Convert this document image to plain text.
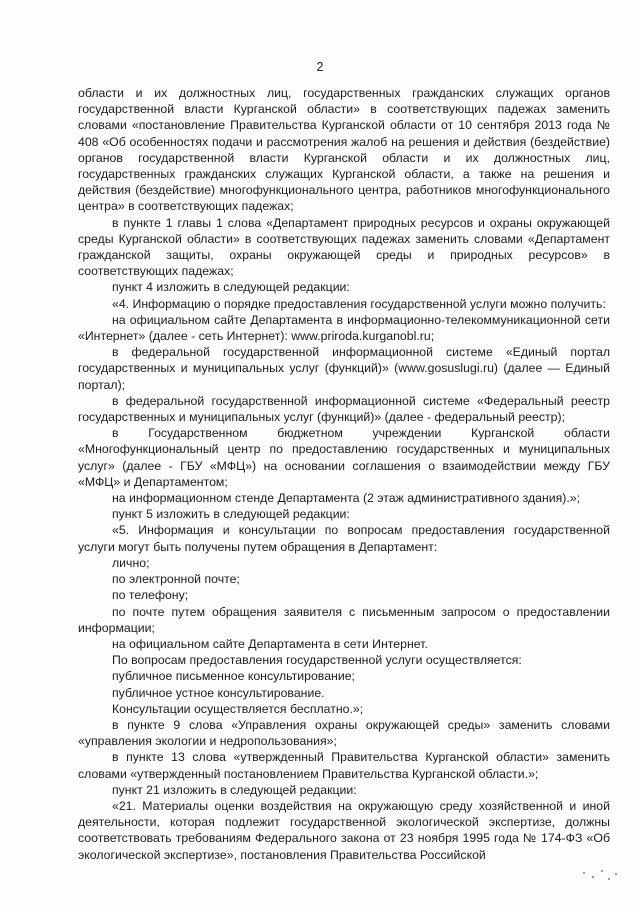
2

области и их должностных лиц, государственных гражданских служащих органов государственной власти Курганской области» в соответствующих падежах заменить словами «постановление Правительства Курганской области от 10 сентября 2013 года № 408 «Об особенностях подачи и рассмотрения жалоб на решения и действия (бездействие) органов государственной власти Курганской области и их должностных лиц, государственных гражданских служащих Курганской области, а также на решения и действия (бездействие) многофункционального центра, работников многофункционального центра» в соответствующих падежах;

в пункте 1 главы 1 слова «Департамент природных ресурсов и охраны окружающей среды Курганской области» в соответствующих падежах заменить словами «Департамент гражданской защиты, охраны окружающей среды и природных ресурсов» в соответствующих падежах;

пункт 4 изложить в следующей редакции:

«4. Информацию о порядке предоставления государственной услуги можно получить:

на официальном сайте Департамента в информационно-телекоммуникационной сети «Интернет» (далее - сеть Интернет): www.priroda.kurganobl.ru;

в федеральной государственной информационной системе «Единый портал государственных и муниципальных услуг (функций)» (www.gosuslugi.ru) (далее — Единый портал);

в федеральной государственной информационной системе «Федеральный реестр государственных и муниципальных услуг (функций)» (далее - федеральный реестр);

в Государственном бюджетном учреждении Курганской области «Многофункциональный центр по предоставлению государственных и муниципальных услуг» (далее - ГБУ «МФЦ») на основании соглашения о взаимодействии между ГБУ «МФЦ» и Департаментом;

на информационном стенде Департамента (2 этаж административного здания).»;

пункт 5 изложить в следующей редакции:

«5. Информация и консультации по вопросам предоставления государственной услуги могут быть получены путем обращения в Департамент:

лично;

по электронной почте;

по телефону;

по почте путем обращения заявителя с письменным запросом о предоставлении информации;

на официальном сайте Департамента в сети Интернет.

По вопросам предоставления государственной услуги осуществляется:

публичное письменное консультирование;

публичное устное консультирование.

Консультации осуществляется бесплатно.»;

в пункте 9 слова «Управления охраны окружающей среды» заменить словами «управления экологии и недропользования»;

в пункте 13 слова «утвержденный Правительства Курганской области» заменить словами «утвержденный постановлением Правительства Курганской области.»;

пункт 21 изложить в следующей редакции:

«21. Материалы оценки воздействия на окружающую среду хозяйственной и иной деятельности, которая подлежит государственной экологической экспертизе, должны соответствовать требованиям Федерального закона от 23 ноября 1995 года № 174-ФЗ «Об экологической экспертизе», постановления Правительства Российской
